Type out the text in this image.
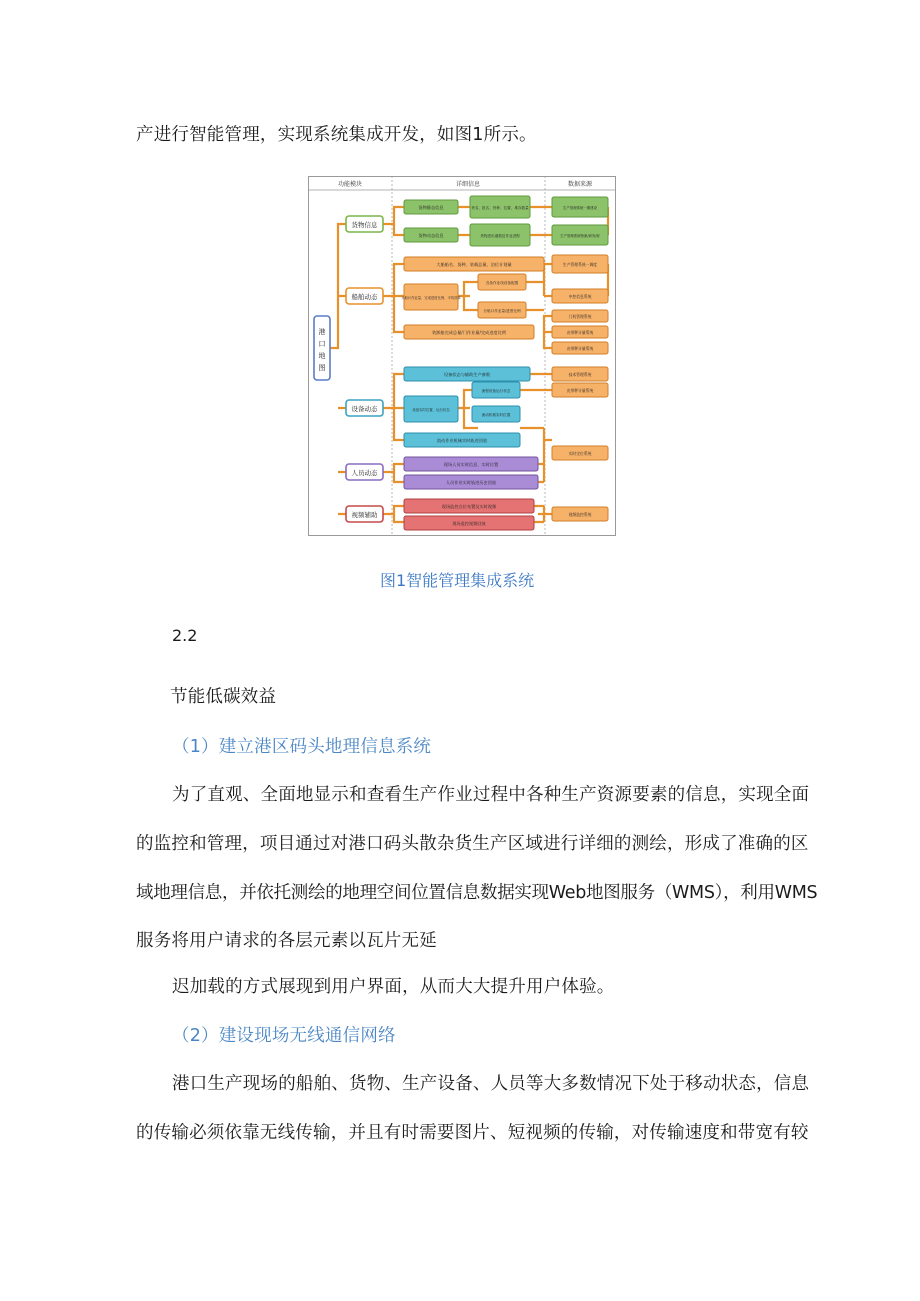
产进行智能管理，实现系统集成开发，如图1所示。
功能模块	详细信息	数据来源
港口地图
货物信息
船舶动态
设备动态
人员动态
视频辅助
货物静态信息	货名、批名、货种、位置、堆存数量
货物动态信息	货物进出港数及作业进程
大船船名、货种、装载总量、泊位计划量
大船计作业量、完成进度比例、平均效率
各条作业线设备配置
分船口作业量/进度比例
装卸船完成总量/门作业量/完成进度比例
设备状态与辅助生产参数
设备实时位置、运行状态
流程设备运行状态
流动机械实时位置
流动作业机械实时轨迹回放
现场人员实时信息、实时位置
人员作业实时轨迹历史回放
现场监控点位布置及实时视频
现场监控视频回放
生产管理系统一期建设
生产管理系统物流/商务/财
生产管理系统一调度
中控信息系统
门机管理系统
皮带秤计量系统
皮带秤计量系统
技术管理系统
皮带秤计量系统
实时定位系统
视频监控系统
图1智能管理集成系统
2.2
节能低碳效益
（1）建立港区码头地理信息系统
为了直观、全面地显示和查看生产作业过程中各种生产资源要素的信息，实现全面
的监控和管理，项目通过对港口码头散杂货生产区域进行详细的测绘，形成了准确的区
域地理信息，并依托测绘的地理空间位置信息数据实现Web地图服务（WMS），利用WMS
服务将用户请求的各层元素以瓦片无延
迟加载的方式展现到用户界面，从而大大提升用户体验。
（2）建设现场无线通信网络
港口生产现场的船舶、货物、生产设备、人员等大多数情况下处于移动状态，信息
的传输必须依靠无线传输，并且有时需要图片、短视频的传输，对传输速度和带宽有较
